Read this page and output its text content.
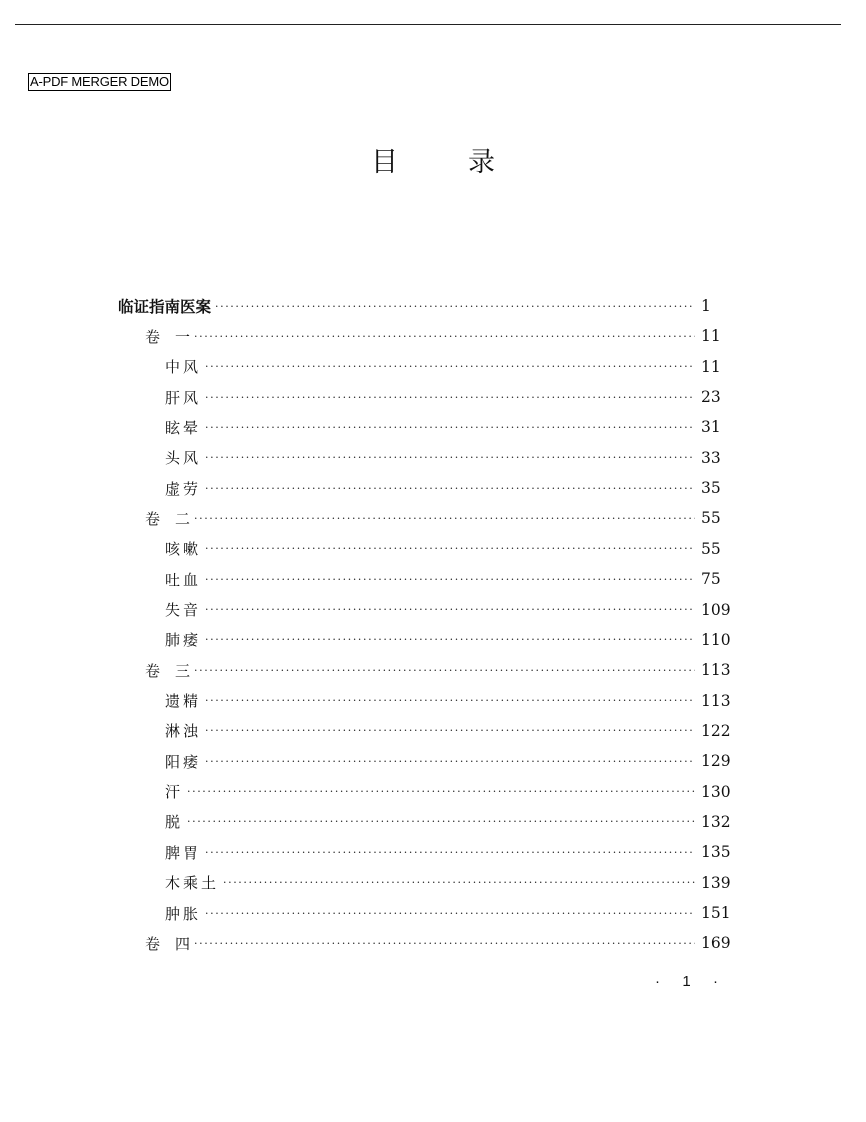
A-PDF MERGER DEMO
目	录
临证指南医案 ·····	1
卷　一 ·····	11
中风 ·····	11
肝风 ·····	23
眩晕 ·····	31
头风 ·····	33
虚劳 ·····	35
卷　二 ·····	55
咳嗽 ·····	55
吐血 ·····	75
失音 ·····	109
肺痿 ·····	110
卷　三 ·····	113
遗精 ·····	113
淋浊 ·····	122
阳痿 ·····	129
汗 ·····	130
脱 ·····	132
脾胃 ·····	135
木乘土 ·····	139
肿胀 ·····	151
卷　四 ·····	169
· 1 ·
